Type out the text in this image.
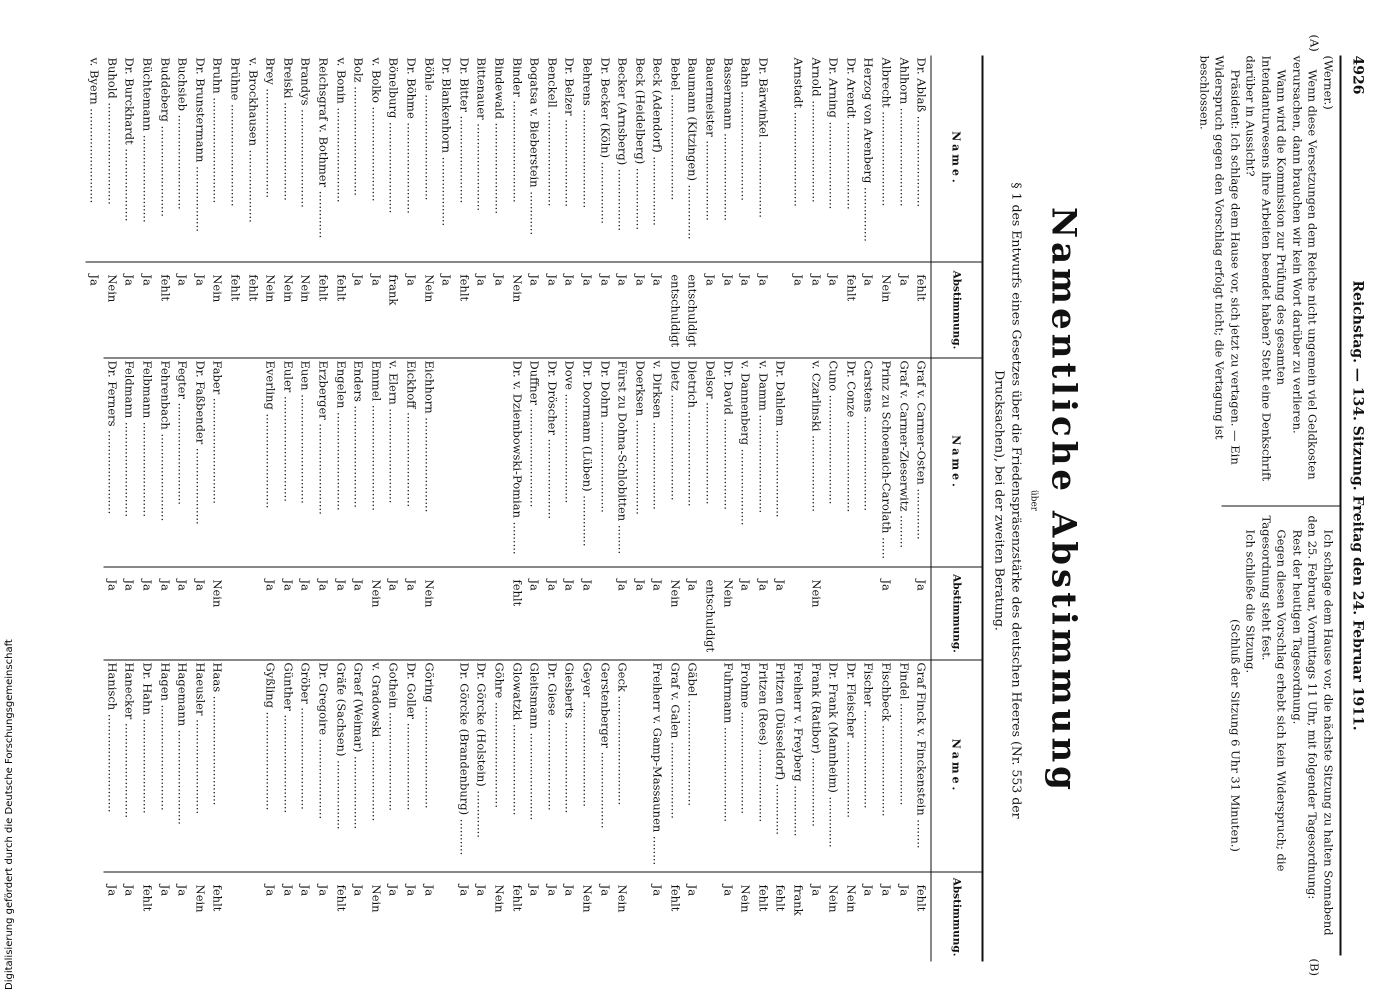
4926
Reichstag. — 134. Sitzung. Freitag den 24. Februar 1911.
(A)

(Werner.)

Wenn diese Versetzungen dem Reiche nicht ungemein viel Geldkosten verursachen, dann brauchen wir kein Wort darüber zu verlieren.

Wann wird die Kommission zur Prüfung des gesamten Intendanturwesens ihre Arbeiten beendet haben? Steht eine Denkschrift darüber in Aussicht?

Präsident: Ich schlage dem Hause vor, sich jetzt zu vertagen. — Ein Widerspruch gegen den Vorschlag erfolgt nicht; die Vertagung ist beschlossen.

(B)

Ich schlage dem Hause vor, die nächste Sitzung zu halten Sonnabend den 25. Februar, Vormittags 11 Uhr, mit folgender Tagesordnung:

Rest der heutigen Tagesordnung.

Gegen diesen Vorschlag erhebt sich kein Widerspruch; die Tagesordnung steht fest.

Ich schließe die Sitzung.

(Schluß der Sitzung 6 Uhr 31 Minuten.)

Namentliche Abstimmung
über
§ 1 des Entwurfs eines Gesetzes über die Friedenspräsenzstärke des deutschen Heeres (Nr. 553 der Drucksachen), bei der zweiten Beratung.
Name.	Abstimmung.
Dr. Ablaß .........................	fehlt
Ahlhorn ...........................	Ja
Albrecht ..........................	Nein
Herzog von Arenberg ...............	Ja
Dr. Arendt ........................	fehlt
Dr. Arning ........................	Ja
Arnold ............................	Ja
Arnstadt ..........................	Ja

Dr. Bärwinkel .....................	Ja
Bahn ..............................	Ja
Bassermann ........................	Ja
Bauermeister ......................	Ja
Baumann (Kitzingen) ...............	entschuldigt
Bebel .............................	entschuldigt
Beck (Adendorf) ...................	Ja
Beck (Heidelberg) .................	Ja
Becker (Arnsberg) .................	Ja
Dr. Becker (Köln) .................	Ja
Behrens ...........................	Ja
Dr. Belzer ........................	Ja
Benckell ..........................	Ja
Bogatsa v. Bieberstein ............	Ja
Binder ............................	Nein
Bindewald .........................	Ja
Bittenauer ........................	Ja
Dr. Bitter ........................	fehlt
Dr. Blankenhorn ...................	Ja
Böhle .............................	Nein
Dr. Böhme .........................	Ja
Bönelburg .........................	frank
v. Bolko ..........................	Ja
Bolz ..............................	Ja
v. Bonin ..........................	fehlt
Reichsgraf v. Bothmer .............	fehlt
Brandys ...........................	Nein
Breiski ...........................	Nein
Brey ..............................	Nein
v. Brockhausen ....................	fehlt
Brühne ............................	fehlt
Bruhn .............................	Nein
Dr. Brunstermann ..................	Ja
Buchsieb ..........................	Ja
Buddeberg .........................	fehlt
Büchtemann ........................	Ja
Dr. Burckhardt ....................	Ja
Buhold ............................	Nein
v. Byern ..........................	Ja
Name.	Abstimmung.
Graf v. Carmer-Osten ..............	Ja
Graf v. Carmer-Zieserwitz .........	
Prinz zu Schoenaich-Carolath ......	Ja
Carstens ..........................	
Dr. Conze .........................	
Cuno ..............................	
v. Czarlinski .....................	Nein

Dr. Dahlem ........................	Ja
v. Damm ...........................	Ja
v. Dannenberg .....................	Ja
Dr. David .........................	Nein
Delsor ............................	entschuldigt
Dietrich ..........................	Ja
Dietz .............................	Nein
v. Dirksen ........................	Ja
Doerksen ..........................	Ja
Fürst zu Dohna-Schlobitten ........	Ja
Dr. Dohrn .........................	
Dr. Doormann (Lüben) ..............	Ja
Dove ..............................	Ja
Dr. Dröscher ......................	Ja
Duffner ...........................	Ja
Dr. v. Dziembowski-Pomian .........	fehlt

Eichhorn ..........................	Nein
Eickhoff ..........................	Ja
v. Elern ..........................	Ja
Emmel .............................	Nein
Enders ............................	Ja
Engelen ...........................	Ja
Erzberger .........................	Ja
Euen ..............................	Ja
Euler .............................	Ja
Everling ..........................	Ja

Faber .............................	Nein
Dr. Faßbender .....................	Ja
Fegter ............................	Ja
Fehrenbach ........................	Ja
Felbmann ..........................	Ja
Feldmann ..........................	Ja
Dr. Ferners .......................	Ja
Name.	Abstimmung.
Graf Finck v. Finckenstein ........	fehlt
Findel ............................	Ja
Fischbeck .........................	Ja
Fischer ...........................	Ja
Dr. Fleischer .....................	Nein
Dr. Frank (Mannheim) ..............	Nein
Frank (Ratibor) ...................	Ja
Freiherr v. Freyberg ..............	frank
Fritzen (Düsseldorf) ..............	fehlt
Fritzen (Rees) ....................	fehlt
Frohme ............................	Nein
Fuhrmann ..........................	Ja

Gäbel .............................	Ja
Graf v. Galen .....................	fehlt
Freiherr v. Gamp-Massaunen ........	Ja

Geck ..............................	Nein
Gerstenberger .....................	Ja
Geyer .............................	Nein
Giesberts .........................	Ja
Dr. Giese .........................	Ja
Gleitsmann ........................	Ja
Glowatzki .........................	fehlt
Göhre .............................	Nein
Dr. Görcke (Holstein) .............	Ja
Dr. Görcke (Brandenburg) ..........	Ja

Göring ............................	Ja
Dr. Goller ........................	Ja
Gothein ...........................	Ja
v. Gradowski ......................	Nein
Graef (Weimar) ....................	Ja
Gräfe (Sachsen) ...................	fehlt
Dr. Gregoire ......................	Ja
Gröber ............................	Ja
Günther ...........................	Ja
Gyßling ...........................	Ja

Haas ..............................	fehlt
Haeusler ..........................	Nein
Hagemann ..........................	Ja
Hagen .............................	Ja
Dr. Hahn ..........................	fehlt
Hanecker ..........................	Ja
Hanisch ...........................	Ja
Digitalisierung gefördert durch die Deutsche Forschungsgemeinschaft
